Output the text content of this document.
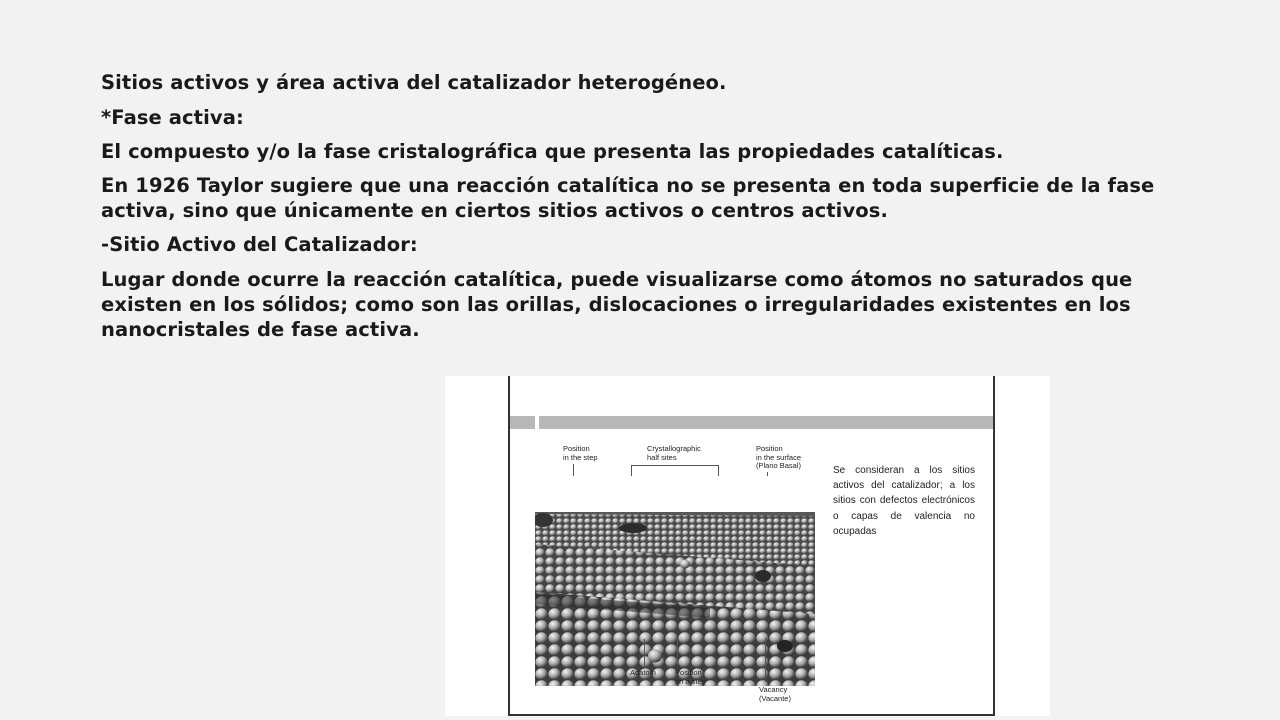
Sitios activos y área activa del catalizador heterogéneo.

*Fase activa:

El compuesto y/o la fase cristalográfica que presenta las propiedades catalíticas.

En 1926 Taylor sugiere que una reacción catalítica no se presenta en toda superficie de la fase activa, sino que únicamente en ciertos sitios activos o centros activos.

-Sitio Activo del Catalizador:

Lugar donde ocurre la reacción catalítica, puede visualizarse como átomos no saturados que existen en los sólidos; como son las orillas, dislocaciones o irregularidades existentes en los nanocristales de fase activa.

Position
in the step
Crystallographic
half sites
Position
in the surface
(Plano Basal)
Adatom	Position
on a step
Vacancy
(Vacante)
Se consideran a los sitios activos del catalizador; a los sitios con defectos electrónicos o capas de valencia no ocupadas
